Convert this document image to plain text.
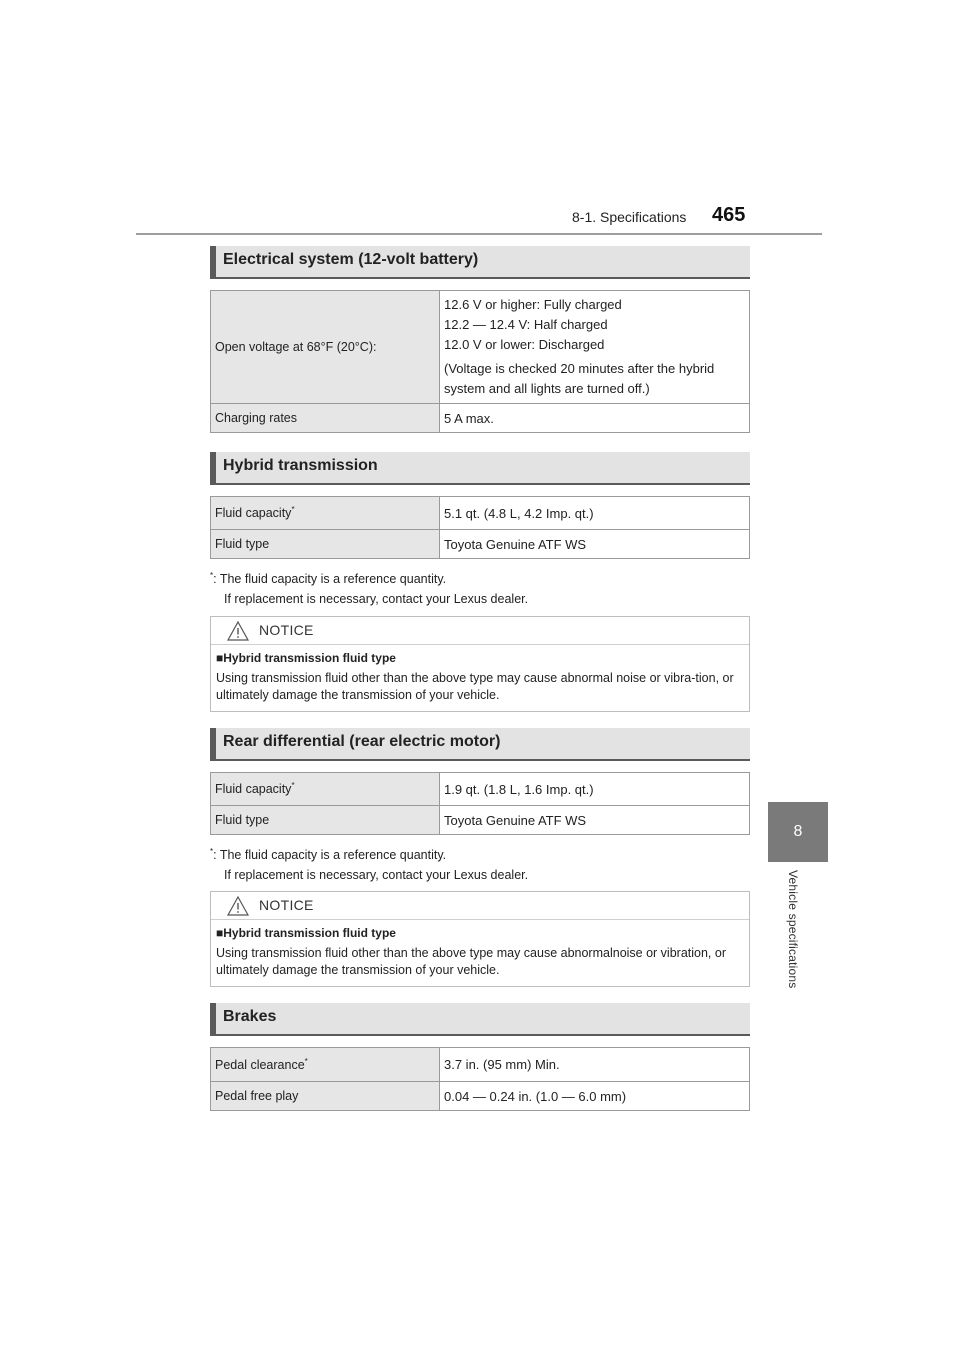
8-1. Specifications 465
8
Vehicle specifications
Electrical system (12-volt battery)
Open voltage at 68°F (20°C):	12.6 V or higher: Fully charged

12.2 — 12.4 V: Half charged

12.0 V or lower: Discharged

(Voltage is checked 20 minutes after the hybrid

system and all lights are turned off.)

Charging rates	5 A max.
Hybrid transmission
Fluid capacity*	5.1 qt. (4.8 L, 4.2 Imp. qt.)
Fluid type	Toyota Genuine ATF WS
*: The fluid capacity is a reference quantity.
If replacement is necessary, contact your Lexus dealer.
NOTICE
■Hybrid transmission fluid type
Using transmission fluid other than the above type may cause abnormal noise or vibra-tion, or ultimately damage the transmission of your vehicle.
Rear differential (rear electric motor)
Fluid capacity*	1.9 qt. (1.8 L, 1.6 Imp. qt.)
Fluid type	Toyota Genuine ATF WS
*: The fluid capacity is a reference quantity.
If replacement is necessary, contact your Lexus dealer.
NOTICE
■Hybrid transmission fluid type
Using transmission fluid other than the above type may cause abnormalnoise or vibration, or ultimately damage the transmission of your vehicle.
Brakes
Pedal clearance*	3.7 in. (95 mm) Min.
Pedal free play	0.04 — 0.24 in. (1.0 — 6.0 mm)
